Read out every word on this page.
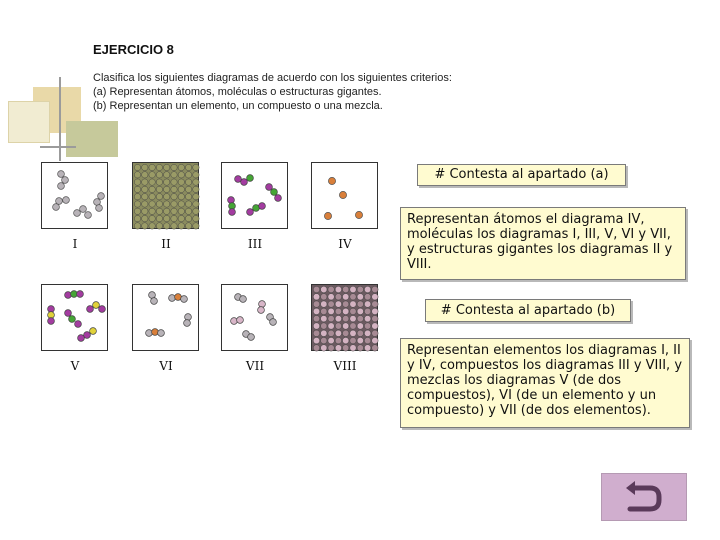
EJERCICIO 8
Clasifica los siguientes diagramas de acuerdo con los siguientes criterios:
(a) Representan átomos, moléculas o estructuras gigantes.
(b) Representan un elemento, un compuesto o una mezcla.
I	II	III	IV
V	VI	VII	VIII
# Contesta al apartado (a)
Representan átomos el diagrama IV, moléculas los diagramas I, III, V, VI y VII, y estructuras gigantes los diagramas II y VIII.
# Contesta al apartado (b)
Representan elementos los diagramas I, II y IV, compuestos los diagramas III y VIII, y mezclas los diagramas V (de dos compuestos), VI (de un elemento y un compuesto) y VII (de dos elementos).
